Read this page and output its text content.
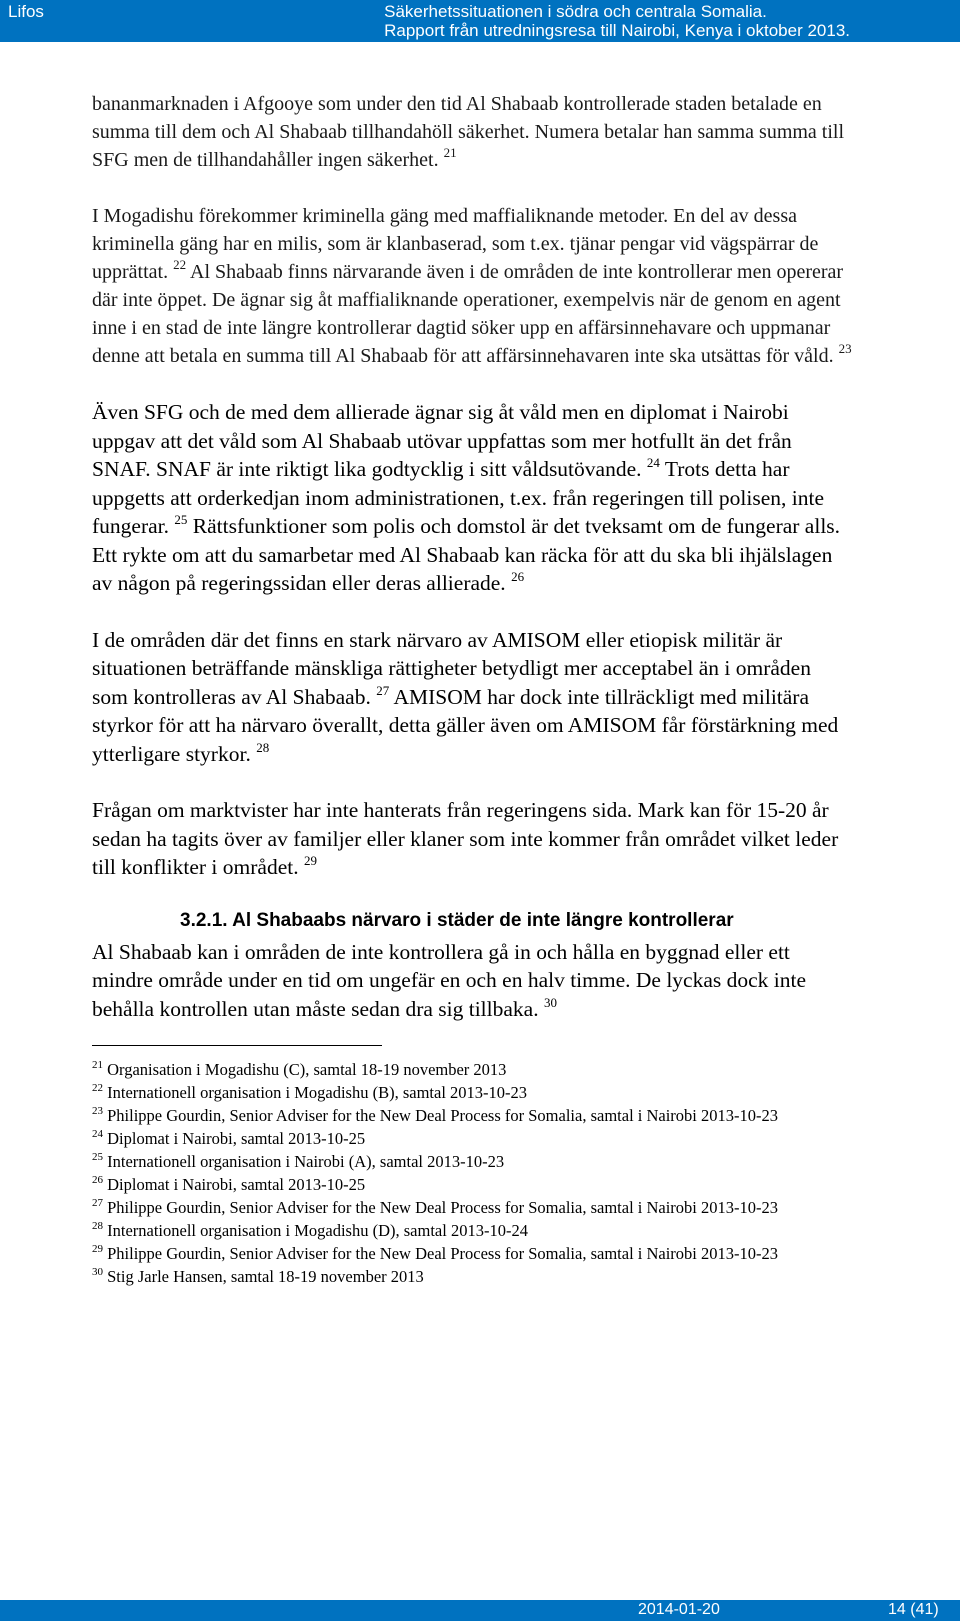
Lifos	Säkerhetssituationen i södra och centrala Somalia.
Rapport från utredningsresa till Nairobi, Kenya i oktober 2013.

bananmarknaden i Afgooye som under den tid Al Shabaab kontrollerade staden betalade en summa till dem och Al Shabaab tillhandahöll säkerhet. Numera betalar han samma summa till SFG men de tillhandahåller ingen säkerhet. $^{21}$

I Mogadishu förekommer kriminella gäng med maffialiknande metoder. En del av dessa kriminella gäng har en milis, som är klanbaserad, som t.ex. tjänar pengar vid vägspärrar de upprättat. $^{22}$ Al Shabaab finns närvarande även i de områden de inte kontrollerar men opererar där inte öppet. De ägnar sig åt maffialiknande operationer, exempelvis när de genom en agent inne i en stad de inte längre kontrollerar dagtid söker upp en affärsinnehavare och uppmanar denne att betala en summa till Al Shabaab för att affärsinnehavaren inte ska utsättas för våld. $^{23}$

Även SFG och de med dem allierade ägnar sig åt våld men en diplomat i Nairobi uppgav att det våld som Al Shabaab utövar uppfattas som mer hotfullt än det från SNAF. SNAF är inte riktigt lika godtycklig i sitt våldsutövande. $^{24}$ Trots detta har uppgetts att orderkedjan inom administrationen, t.ex. från regeringen till polisen, inte fungerar. $^{25}$ Rättsfunktioner som polis och domstol är det tveksamt om de fungerar alls. Ett rykte om att du samarbetar med Al Shabaab kan räcka för att du ska bli ihjälslagen av någon på regeringssidan eller deras allierade. $^{26}$

I de områden där det finns en stark närvaro av AMISOM eller etiopisk militär är situationen beträffande mänskliga rättigheter betydligt mer acceptabel än i områden som kontrolleras av Al Shabaab. $^{27}$ AMISOM har dock inte tillräckligt med militära styrkor för att ha närvaro överallt, detta gäller även om AMISOM får förstärkning med ytterligare styrkor. $^{28}$

Frågan om marktvister har inte hanterats från regeringens sida. Mark kan för 15-20 år sedan ha tagits över av familjer eller klaner som inte kommer från området vilket leder till konflikter i området. $^{29}$

3.2.1. Al Shabaabs närvaro i städer de inte längre kontrollerar

Al Shabaab kan i områden de inte kontrollera gå in och hålla en byggnad eller ett mindre område under en tid om ungefär en och en halv timme. De lyckas dock inte behålla kontrollen utan måste sedan dra sig tillbaka. $^{30}$

$^{21}$ Organisation i Mogadishu (C), samtal 18-19 november 2013

$^{22}$ Internationell organisation i Mogadishu (B), samtal 2013-10-23

$^{23}$ Philippe Gourdin, Senior Adviser for the New Deal Process for Somalia, samtal i Nairobi 2013-10-23

$^{24}$ Diplomat i Nairobi, samtal 2013-10-25

$^{25}$ Internationell organisation i Nairobi (A), samtal 2013-10-23

$^{26}$ Diplomat i Nairobi, samtal 2013-10-25

$^{27}$ Philippe Gourdin, Senior Adviser for the New Deal Process for Somalia, samtal i Nairobi 2013-10-23

$^{28}$ Internationell organisation i Mogadishu (D), samtal 2013-10-24

$^{29}$ Philippe Gourdin, Senior Adviser for the New Deal Process for Somalia, samtal i Nairobi 2013-10-23

$^{30}$ Stig Jarle Hansen, samtal 18-19 november 2013

2014-01-20	14 (41)
